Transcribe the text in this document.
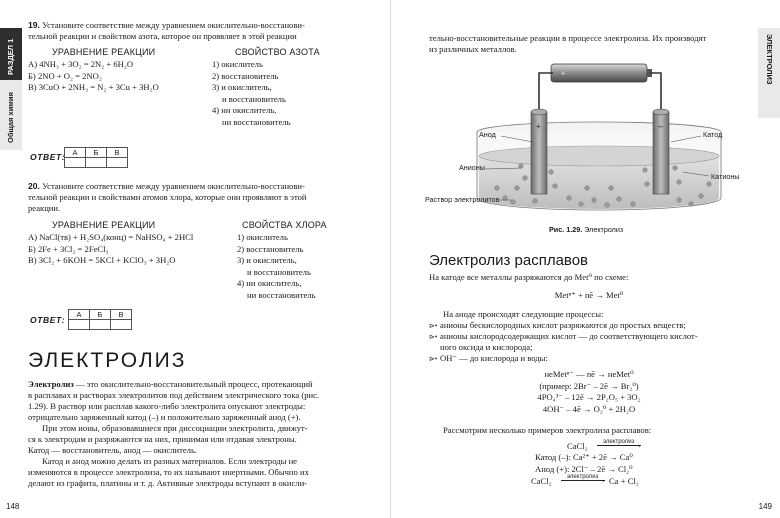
РАЗДЕЛ 1
Общая химия
19. Установите соответствие между уравнением окислительно-восстанови-
тельной реакции и свойством азота, которое он проявляет в этой реакции
УРАВНЕНИЕ РЕАКЦИИ	СВОЙСТВО АЗОТА
А) 4NH₃ + 3O₂ = 2N₂ + 6H₂O
Б) 2NO + O₂ = 2NO₂
В) 3CuO + 2NH₃ = N₂ + 3Cu + 3H₂O
1) окислитель
2) восстановитель
3) и окислитель,
и восстановитель
4) ни окислитель,
ни восстановитель
ОТВЕТ: А	Б	В

20. Установите соответствие между уравнением окислительно-восстанови-
тельной реакции и свойствами атомов хлора, которые они проявляют в этой
реакции.
УРАВНЕНИЕ РЕАКЦИИ	СВОЙСТВА ХЛОРА
А) NaCl(тв) + H₂SO₄(конц) = NaHSO₄ + 2HCl
Б) 2Fe + 3Cl₂ = 2FeCl₃
В) 3Cl₂ + 6KOH = 5KCl + KClO₃ + 3H₂O
1) окислитель
2) восстановитель
3) и окислитель,
и восстановитель
4) ни окислитель,
ни восстановитель
ОТВЕТ:
А	Б	В

ЭЛЕКТРОЛИЗ
Электролиз — это окислительно-восстановительный процесс, протекающий
в расплавах и растворах электролитов под действием электрического тока (рис.
1.29). В раствор или расплав какого-либо электролита опускают электроды:
отрицательно заряженный катод (–) и положительно заряженный анод (+).
При этом ионы, образовавшиеся при диссоциации электролита, движут-
ся к электродам и разряжаются на них, принимая или отдавая электроны.
Катод — восстановитель, анод — окислитель.
Катод и анод можно делать из разных материалов. Если электроды не
изменяются в процессе электролиза, то их называют инертными. Обычно их
делают из графита, платины и т. д. Активные электроды вступают в окисли-
148
ЭЛЕКТРОЛИЗ
тельно-восстановительные реакции в процессе электролиза. Их производят
из различных металлов.
+
+	–
Анод
Анионы
Раствор электролитов
Катод
Катионы
Рис. 1.29. Электролиз
Электролиз расплавов
На катоде все металлы разряжаются до Met⁰ по схеме:
Metⁿ⁺ + nē → Met⁰
На аноде происходят следующие процессы:
⊳• анионы бескислородных кислот разряжаются до простых веществ;
⊳• анионы кислородсодержащих кислот — до соответствующего кислот-
ного оксида и кислорода;
⊳• OH⁻ — до кислорода и воды:
неMetⁿ⁻ — nē → неMet⁰
(пример: 2Br⁻ – 2ē → Br₂⁰)
4PO₄³⁻ – 12ē → 2P₂O₅ + 3O₂
4OH⁻ – 4ē → O₂⁰ + 2H₂O
Рассмотрим несколько примеров электролиза расплавов:
CaCl₂	электролиз ›
Катод (–): Ca²⁺ + 2ē → Ca⁰
Анод (+): 2Cl⁻ – 2ē → Cl₂⁰
CaCl₂	электролиз › Ca + Cl₂
149
